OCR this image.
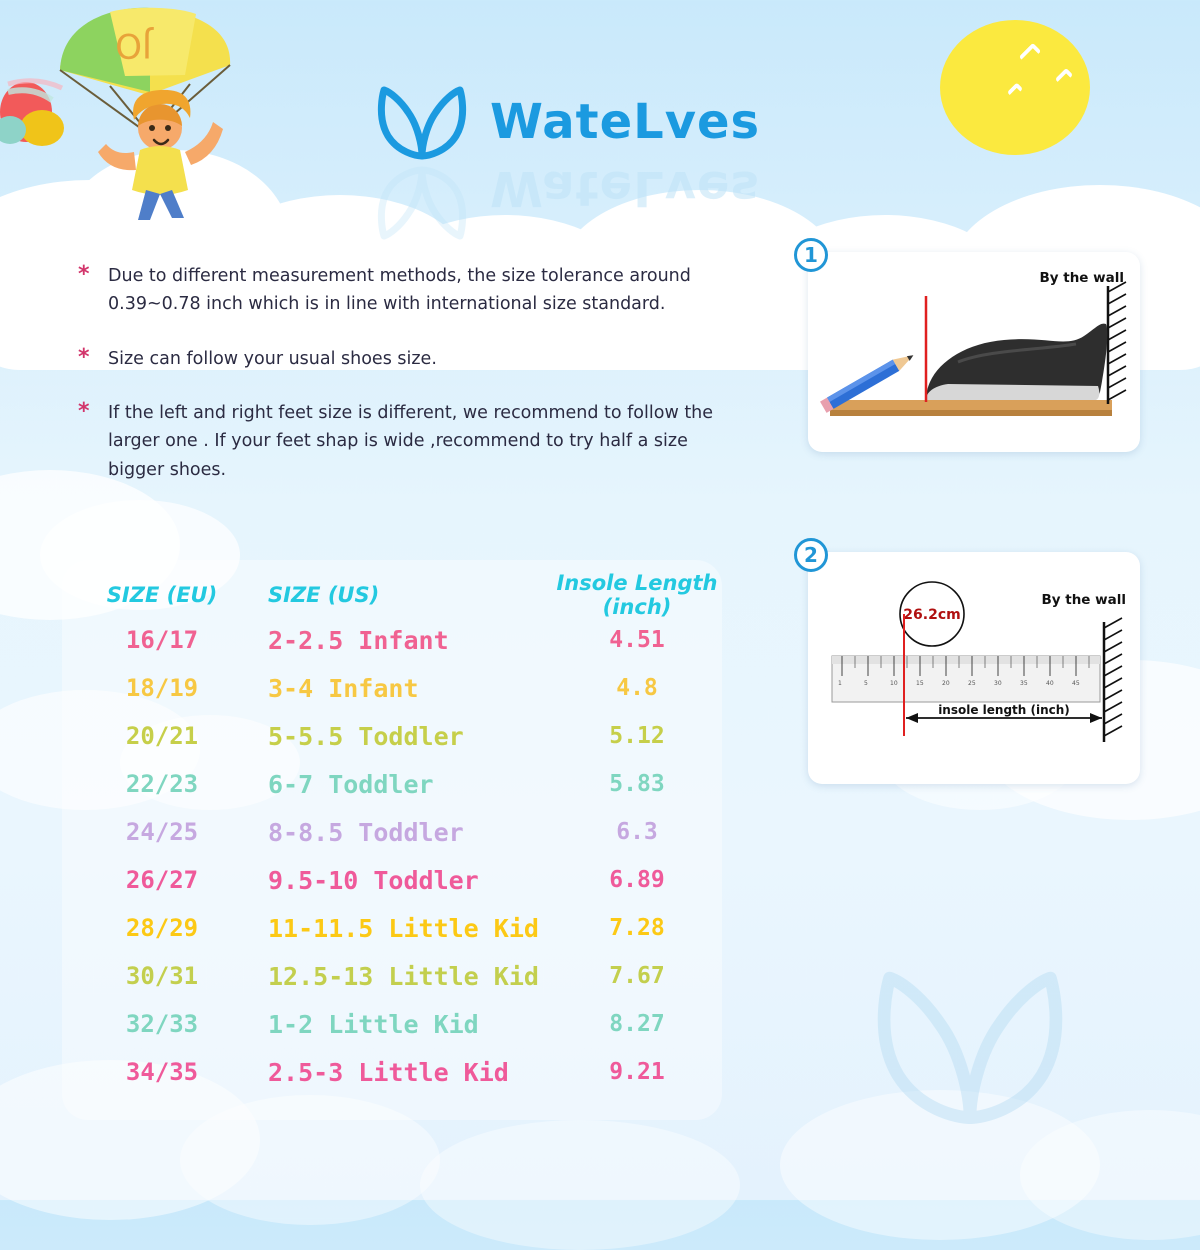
JO
WateLves
WateLves
* Due to different measurement methods, the size tolerance around 0.39~0.78 inch which is in line with international size standard.

* Size can follow your usual shoes size.

* If the left and right feet size is different, we recommend to follow the larger one . If your feet shap is wide ,recommend to try half a size bigger shoes.

SIZE (EU)	SIZE (US)	Insole Length (inch)
16/17	2-2.5 Infant	4.51
18/19	3-4 Infant	4.8
20/21	5-5.5 Toddler	5.12
22/23	6-7 Toddler	5.83
24/25	8-8.5 Toddler	6.3
26/27	9.5-10 Toddler	6.89
28/29	11-11.5 Little Kid	7.28
30/31	12.5-13 Little Kid	7.67
32/33	1-2 Little Kid	8.27
34/35	2.5-3 Little Kid	9.21
1
By the wall
2
26.2cm
1	5	10	15	20	25	30	35	40	45
insole length (inch)
By the wall
